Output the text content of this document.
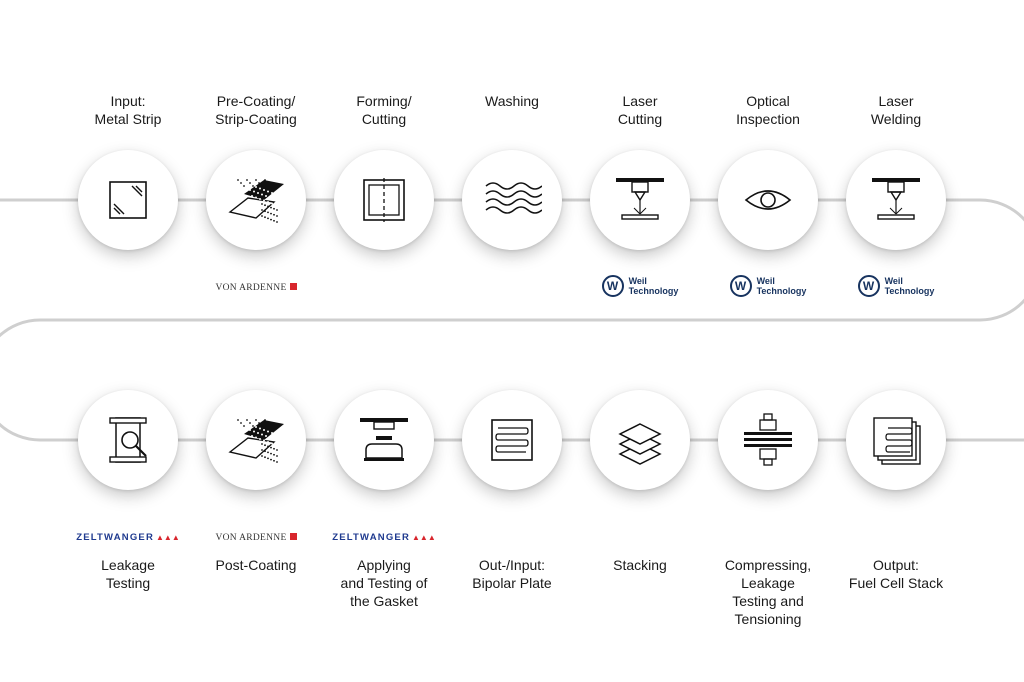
Input:
Metal Strip
Pre-Coating/
Strip-Coating
VON ARDENNE
Forming/
Cutting
Washing	Laser
Cutting
W	Weil
Technology
Optical
Inspection
W	Weil
Technology
Laser
Welding
W	Weil
Technology
Leakage
Testing
ZELTWANGER ▲▲▲
Post-Coating
VON ARDENNE
Applying
and Testing of
the Gasket
ZELTWANGER ▲▲▲
Out-/Input:
Bipolar Plate
Stacking	Compressing,
Leakage
Testing and
Tensioning
Output:
Fuel Cell Stack
